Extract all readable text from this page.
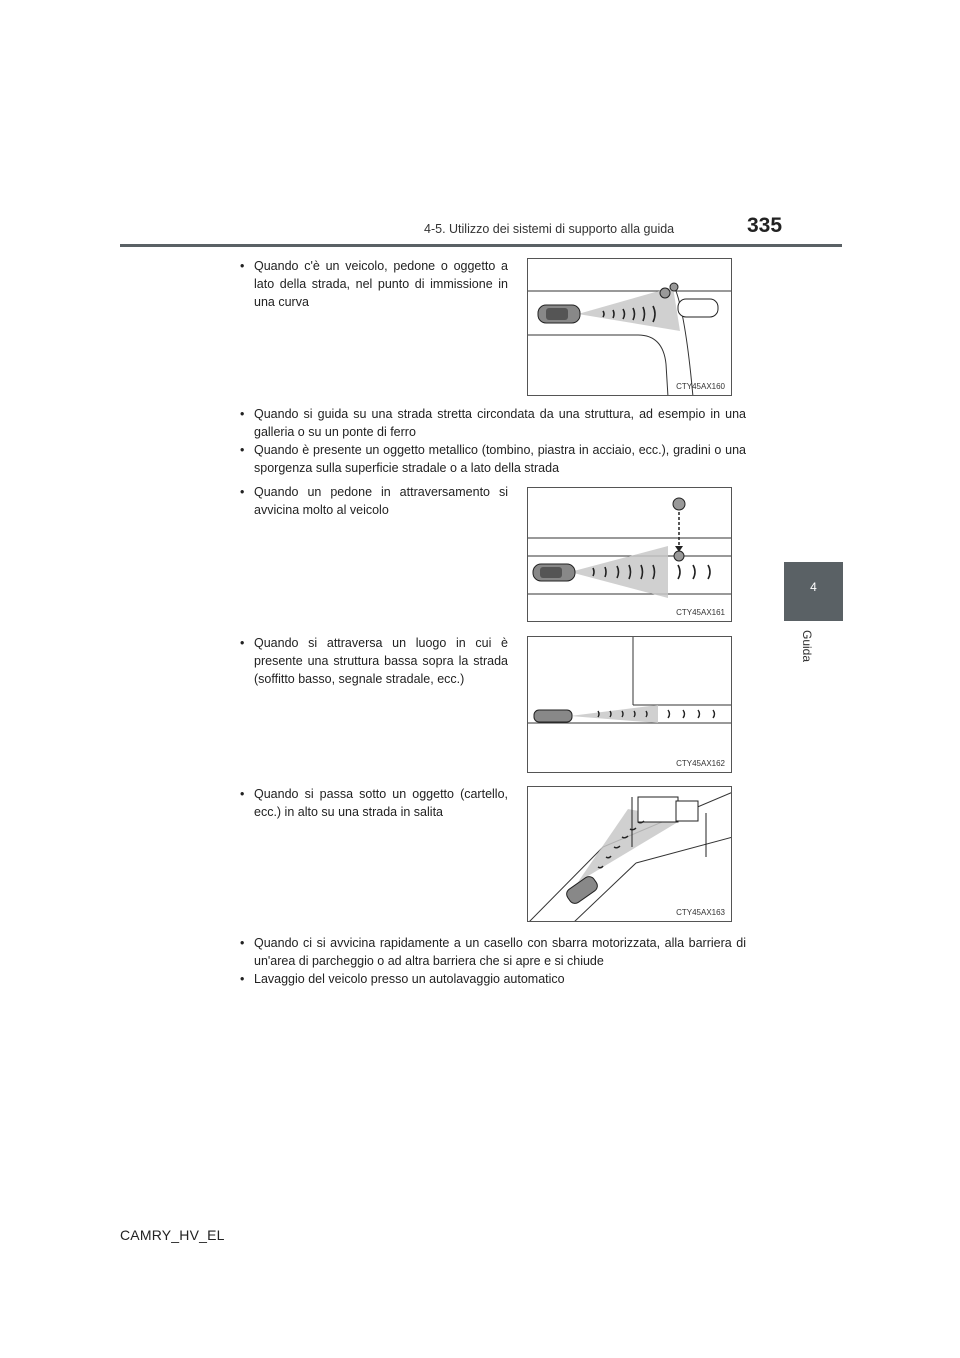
4-5. Utilizzo dei sistemi di supporto alla guida	335
4
Guida
• Quando c'è un veicolo, pedone o oggetto a lato della strada, nel punto di immissione in una curva
• Quando si guida su una strada stretta circondata da una struttura, ad esempio in una galleria o su un ponte di ferro
• Quando è presente un oggetto metallico (tombino, piastra in acciaio, ecc.), gradini o una sporgenza sulla superficie stradale o a lato della strada
• Quando un pedone in attraversamento si avvicina molto al veicolo
• Quando si attraversa un luogo in cui è presente una struttura bassa sopra la strada (soffitto basso, segnale stradale, ecc.)
• Quando si passa sotto un oggetto (cartello, ecc.) in alto su una strada in salita
• Quando ci si avvicina rapidamente a un casello con sbarra motorizzata, alla barriera di un'area di parcheggio o ad altra barriera che si apre e si chiude
• Lavaggio del veicolo presso un autolavaggio automatico
CTY45AX160
CTY45AX161
CTY45AX162
CTY45AX163
CAMRY_HV_EL
